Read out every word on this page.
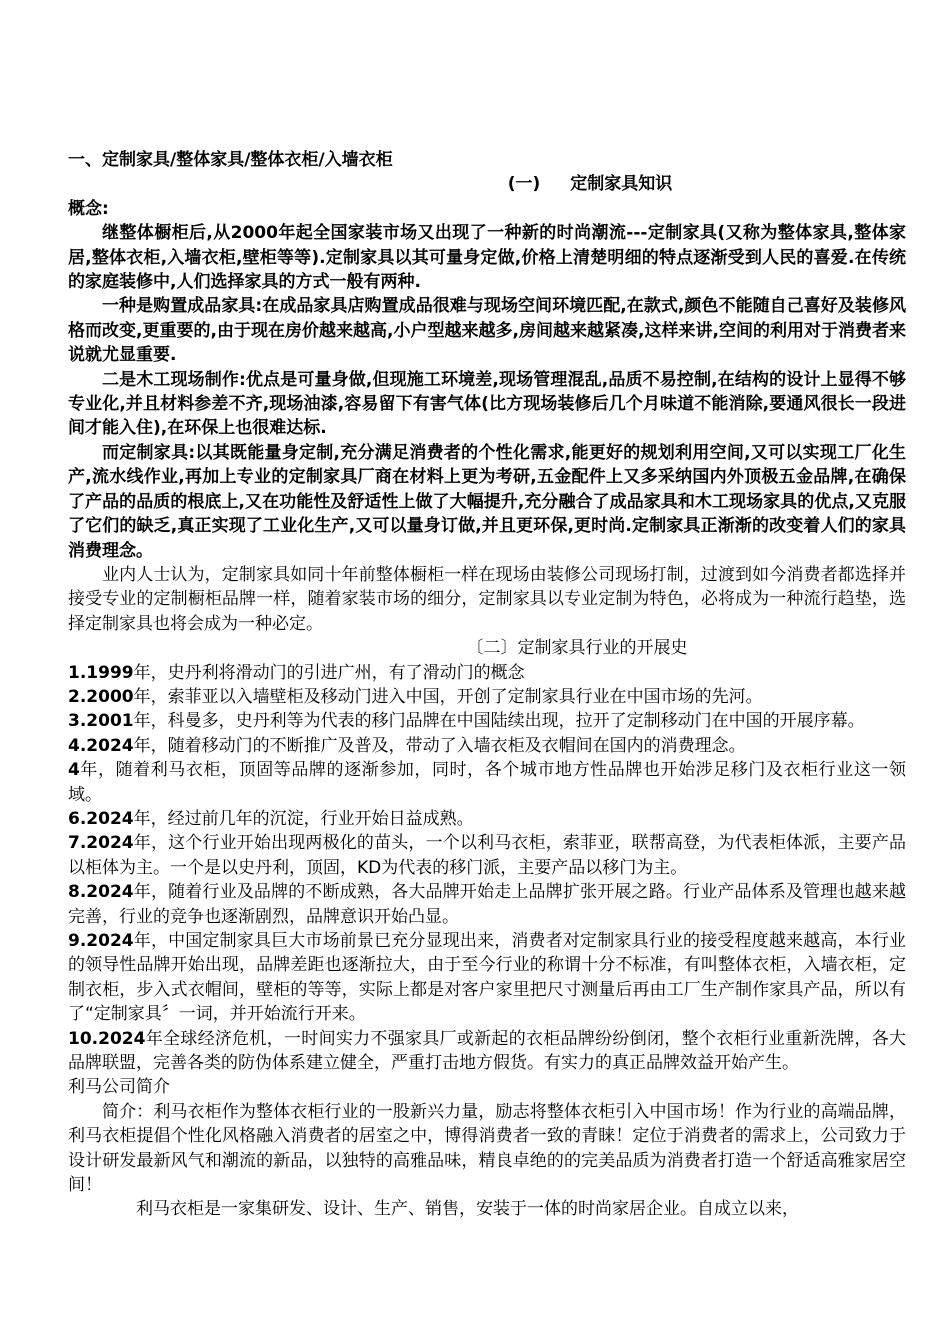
一、定制家具/整体家具/整体衣柜/入墙衣柜

(一) 定制家具知识

概念:

继整体橱柜后,从2000年起全国家装市场又出现了一种新的时尚潮流---定制家具(又称为整体家具,整体家居,整体衣柜,入墙衣柜,壁柜等等).定制家具以其可量身定做,价格上清楚明细的特点逐渐受到人民的喜爱.在传统的家庭装修中,人们选择家具的方式一般有两种.

一种是购置成品家具:在成品家具店购置成品很难与现场空间环境匹配,在款式,颜色不能随自己喜好及装修风格而改变,更重要的,由于现在房价越来越高,小户型越来越多,房间越来越紧凑,这样来讲,空间的利用对于消费者来说就尤显重要.

二是木工现场制作:优点是可量身做,但现施工环境差,现场管理混乱,品质不易控制,在结构的设计上显得不够专业化,并且材料参差不齐,现场油漆,容易留下有害气体(比方现场装修后几个月味道不能消除,要通风很长一段进间才能入住),在环保上也很难达标.

而定制家具:以其既能量身定制,充分满足消费者的个性化需求,能更好的规划利用空间,又可以实现工厂化生产,流水线作业,再加上专业的定制家具厂商在材料上更为考研,五金配件上又多采纳国内外顶极五金品牌,在确保了产品的品质的根底上,又在功能性及舒适性上做了大幅提升,充分融合了成品家具和木工现场家具的优点,又克服了它们的缺乏,真正实现了工业化生产,又可以量身订做,并且更环保,更时尚.定制家具正渐渐的改变着人们的家具消费理念。

业内人士认为，定制家具如同十年前整体橱柜一样在现场由装修公司现场打制，过渡到如今消费者都选择并接受专业的定制橱柜品牌一样，随着家装市场的细分，定制家具以专业定制为特色，必将成为一种流行趋垫，选择定制家具也将会成为一种必定。

〔二〕定制家具行业的开展史

1.1999年，史丹利将滑动门的引进广州，有了滑动门的概念

2.2000年，索菲亚以入墙壁柜及移动门进入中国，开创了定制家具行业在中国市场的先河。

3.2001年，科曼多，史丹利等为代表的移门品牌在中国陆续出现，拉开了定制移动门在中国的开展序幕。

4.2024年，随着移动门的不断推广及普及，带动了入墙衣柜及衣帽间在国内的消费理念。

4年，随着利马衣柜，顶固等品牌的逐渐参加，同时，各个城市地方性品牌也开始涉足移门及衣柜行业这一领域。

6.2024年，经过前几年的沉淀，行业开始日益成熟。

7.2024年，这个行业开始出现两极化的苗头，一个以利马衣柜，索菲亚，联帮高登，为代表柜体派，主要产品以柜体为主。一个是以史丹利，顶固，KD为代表的移门派，主要产品以移门为主。

8.2024年，随着行业及品牌的不断成熟，各大品牌开始走上品牌扩张开展之路。行业产品体系及管理也越来越完善，行业的竞争也逐渐剧烈，品牌意识开始凸显。

9.2024年，中国定制家具巨大市场前景已充分显现出来，消费者对定制家具行业的接受程度越来越高，本行业的领导性品牌开始出现，品牌差距也逐渐拉大，由于至今行业的称谓十分不标准，有叫整体衣柜，入墙衣柜，定制衣柜，步入式衣帽间，壁柜的等等，实际上都是对客户家里把尺寸测量后再由工厂生产制作家具产品，所以有了“定制家具〞一词，并开始流行开来。

10.2024年全球经济危机，一时间实力不强家具厂或新起的衣柜品牌纷纷倒闭，整个衣柜行业重新洗牌，各大品牌联盟，完善各类的防伪体系建立健全，严重打击地方假货。有实力的真正品牌效益开始产生。

利马公司简介

简介：利马衣柜作为整体衣柜行业的一股新兴力量，励志将整体衣柜引入中国市场！作为行业的高端品牌，利马衣柜提倡个性化风格融入消费者的居室之中，博得消费者一致的青睐！定位于消费者的需求上，公司致力于设计研发最新风气和潮流的新品，以独特的高雅品味，精良卓绝的的完美品质为消费者打造一个舒适高雅家居空间！

利马衣柜是一家集研发、设计、生产、销售，安装于一体的时尚家居企业。自成立以来，
